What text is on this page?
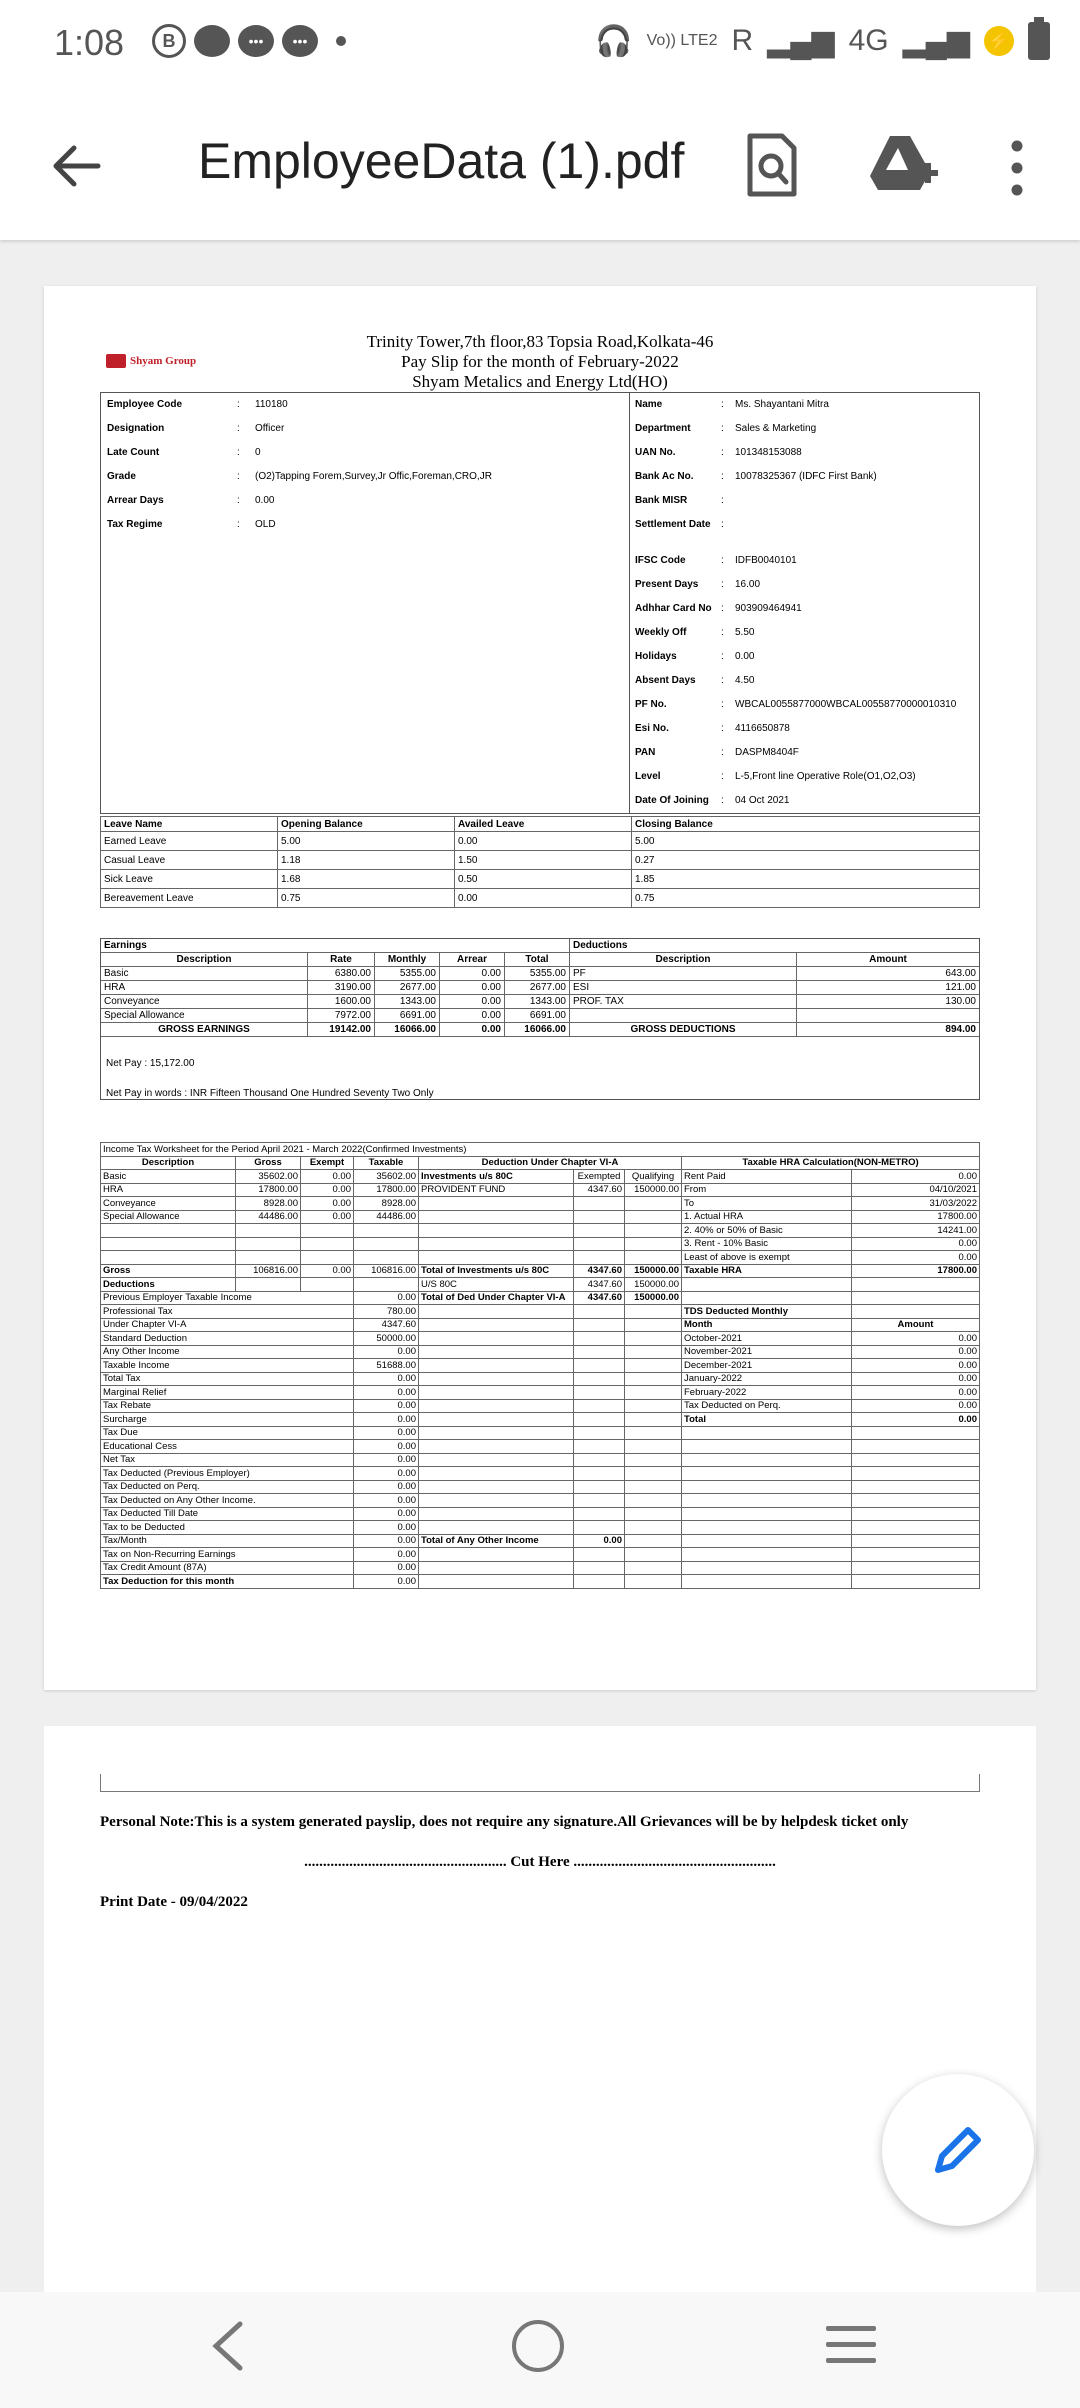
1:08	B	•••	•••	🎧 Vo)) LTE2 R ▂▄▆ 4G ▂▄▆ ⚡
EmployeeData (1).pdf
Shyam Group
Trinity Tower,7th floor,83 Topsia Road,Kolkata-46
Pay Slip for the month of February-2022
Shyam Metalics and Energy Ltd(HO)
Employee Code	:	110180
Designation	:	Officer
Late Count	:	0
Grade	:	(O2)Tapping Forem,Survey,Jr Offic,Foreman,CRO,JR
Arrear Days	:	0.00
Tax Regime	:	OLD
Name	:	Ms. Shayantani Mitra
Department	:	Sales & Marketing
UAN No.	:	101348153088
Bank Ac No.	:	10078325367 (IDFC First Bank)
Bank MISR	:
Settlement Date	:
IFSC Code	:	IDFB0040101
Present Days	:	16.00
Adhhar Card No :	903909464941
Weekly Off	:	5.50
Holidays	:	0.00
Absent Days	:	4.50
PF No.	:	WBCAL0055877000WBCAL00558770000010310
Esi No.	:	4116650878
PAN	:	DASPM8404F
Level	:	L-5,Front line Operative Role(O1,O2,O3)
Date Of Joining	:	04 Oct 2021
Leave Name	Opening Balance	Availed Leave	Closing Balance
Earned Leave	5.00	0.00	5.00
Casual Leave	1.18	1.50	0.27
Sick Leave	1.68	0.50	1.85
Bereavement Leave	0.75	0.00	0.75
Earnings					Deductions	
Description	Rate	Monthly	Arrear	Total	Description	Amount
Basic	6380.00	5355.00	0.00	5355.00	PF	643.00
HRA	3190.00	2677.00	0.00	2677.00	ESI	121.00
Conveyance	1600.00	1343.00	0.00	1343.00	PROF. TAX	130.00
Special Allowance	7972.00	6691.00	0.00	6691.00		
GROSS EARNINGS	19142.00	16066.00	0.00	16066.00	GROSS DEDUCTIONS	894.00

Net Pay : 15,172.00
Net Pay in words : INR Fifteen Thousand One Hundred Seventy Two Only
Income Tax Worksheet for the Period April 2021 - March 2022(Confirmed Investments)								
Description	Gross	Exempt	Taxable	Deduction Under Chapter VI-A			Taxable HRA Calculation(NON-METRO)	
Basic	35602.00	0.00	35602.00	Investments u/s 80C	Exempted	Qualifying	Rent Paid	0.00
HRA	17800.00	0.00	17800.00	PROVIDENT FUND	4347.60	150000.00	From	04/10/2021
Conveyance	8928.00	0.00	8928.00				To	31/03/2022
Special Allowance	44486.00	0.00	44486.00				1. Actual HRA	17800.00
							2. 40% or 50% of Basic	14241.00
							3. Rent - 10% Basic	0.00
							Least of above is exempt	0.00
Gross	106816.00	0.00	106816.00	Total of Investments u/s 80C	4347.60	150000.00	Taxable HRA	17800.00
Deductions				U/S 80C	4347.60	150000.00		
Previous Employer Taxable Income			0.00	Total of Ded Under Chapter VI-A	4347.60	150000.00		
Professional Tax			780.00				TDS Deducted Monthly	
Under Chapter VI-A			4347.60				Month	Amount
Standard Deduction			50000.00				October-2021	0.00
Any Other Income			0.00				November-2021	0.00
Taxable Income			51688.00				December-2021	0.00
Total Tax			0.00				January-2022	0.00
Marginal Relief			0.00				February-2022	0.00
Tax Rebate			0.00				Tax Deducted on Perq.	0.00
Surcharge			0.00				Total	0.00
Tax Due			0.00					
Educational Cess			0.00					
Net Tax			0.00					
Tax Deducted (Previous Employer)			0.00					
Tax Deducted on Perq.			0.00					
Tax Deducted on Any Other Income.			0.00					
Tax Deducted Till Date			0.00					
Tax to be Deducted			0.00					
Tax/Month			0.00	Total of Any Other Income	0.00			
Tax on Non-Recurring Earnings			0.00					
Tax Credit Amount (87A)			0.00					
Tax Deduction for this month			0.00					
Personal Note:This is a system generated payslip, does not require any signature.All Grievances will be by helpdesk ticket only
...................................................... Cut Here ......................................................
Print Date - 09/04/2022
